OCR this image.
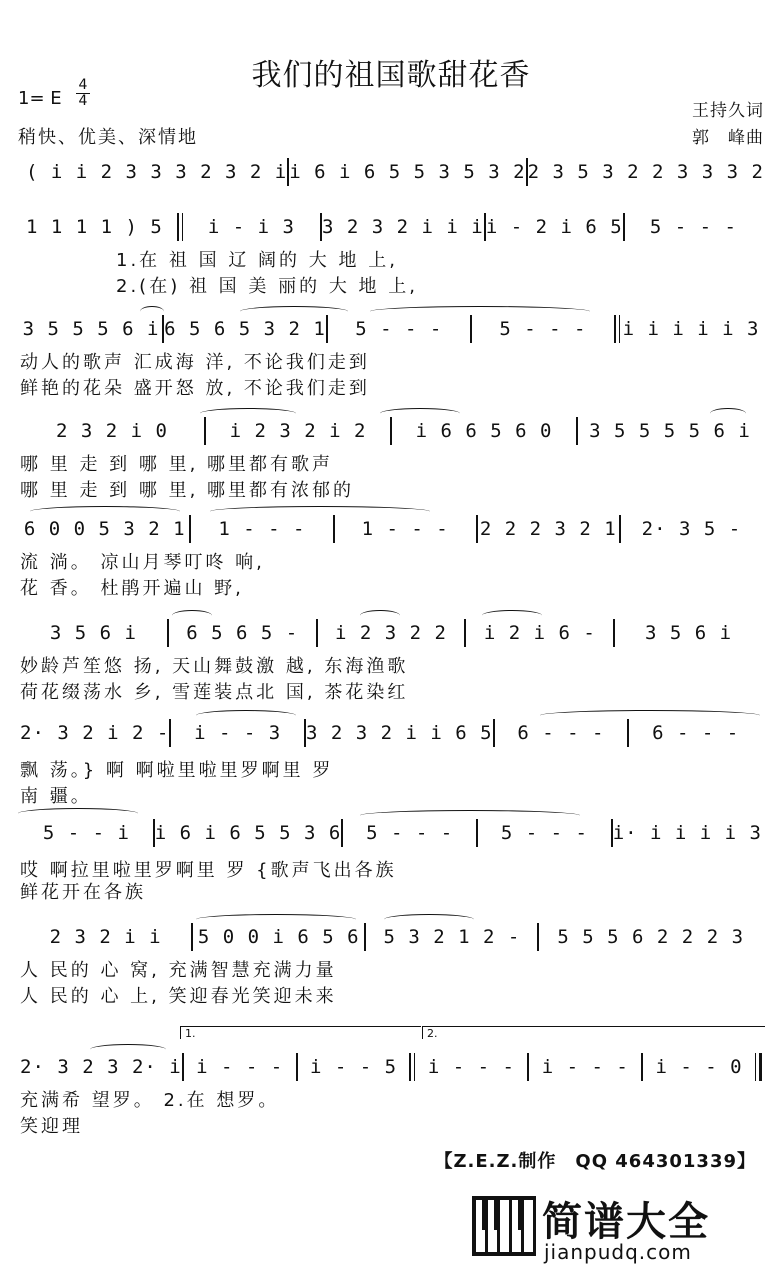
我们的祖国歌甜花香
1= E
4
4
稍快、优美、深情地
王持久词
郭　峰曲
( i i 2 3 3 3 2 3 2 i i 6 i 6 5 5 3 5 3 2 2 3 5 3 2 2 3 3 3 2
1 1 1 1 ) 5	i - i 3	3 2 3 2 i i i i - 2 i 6 5	5 - - -
1.在 祖 国 辽 阔的 大 地 上,
2.(在) 祖 国 美 丽的 大 地 上,
3 5 5 5 6 i 6 5 6 5 3 2 1	5 - - -	5 - - -	i i i i i 3
动人的歌声 汇成海 洋, 不论我们走到
鲜艳的花朵 盛开怒 放, 不论我们走到
2 3 2 i 0	i 2 3 2 i 2	i 6 6 5 6 0	3 5 5 5 5 6 i
哪 里 走 到 哪 里, 哪里都有歌声
哪 里 走 到 哪 里, 哪里都有浓郁的
6 0 0 5 3 2 1	1 - - -	1 - - -	2 2 2 3 2 1	2· 3 5 -
流 淌。 凉山月琴叮咚 响,
花 香。 杜鹃开遍山 野,
3 5 6 i	6 5 6 5 -	i 2 3 2 2	i 2 i 6 -	3 5 6 i
妙龄芦笙悠 扬, 天山舞鼓激 越, 东海渔歌
荷花缀荡水 乡, 雪莲装点北 国, 茶花染红
2· 3 2 i 2 -	i - - 3	3 2 3 2 i i 6 5	6 - - -	6 - - -
飘 荡。} 啊 啊啦里啦里罗啊里 罗
南 疆。
5 - - i	i 6 i 6 5 5 3 6	5 - - -	5 - - -	i· i i i i 3
哎 啊拉里啦里罗啊里 罗 {歌声飞出各族
鲜花开在各族
2 3 2 i i	5 0 0 i 6 5 6	5 3 2 1 2 -	5 5 5 6 2 2 2 3
人 民的 心 窝, 充满智慧充满力量
人 民的 心 上, 笑迎春光笑迎未来
1.	2.
2· 3 2 3 2· i i - - -	i - - 5	i - - -	i - - -	i - - 0
充满希 望罗。 2.在 想罗。
笑迎理
【Z.E.Z.制作　QQ 464301339】
简谱大全
jianpudq.com
